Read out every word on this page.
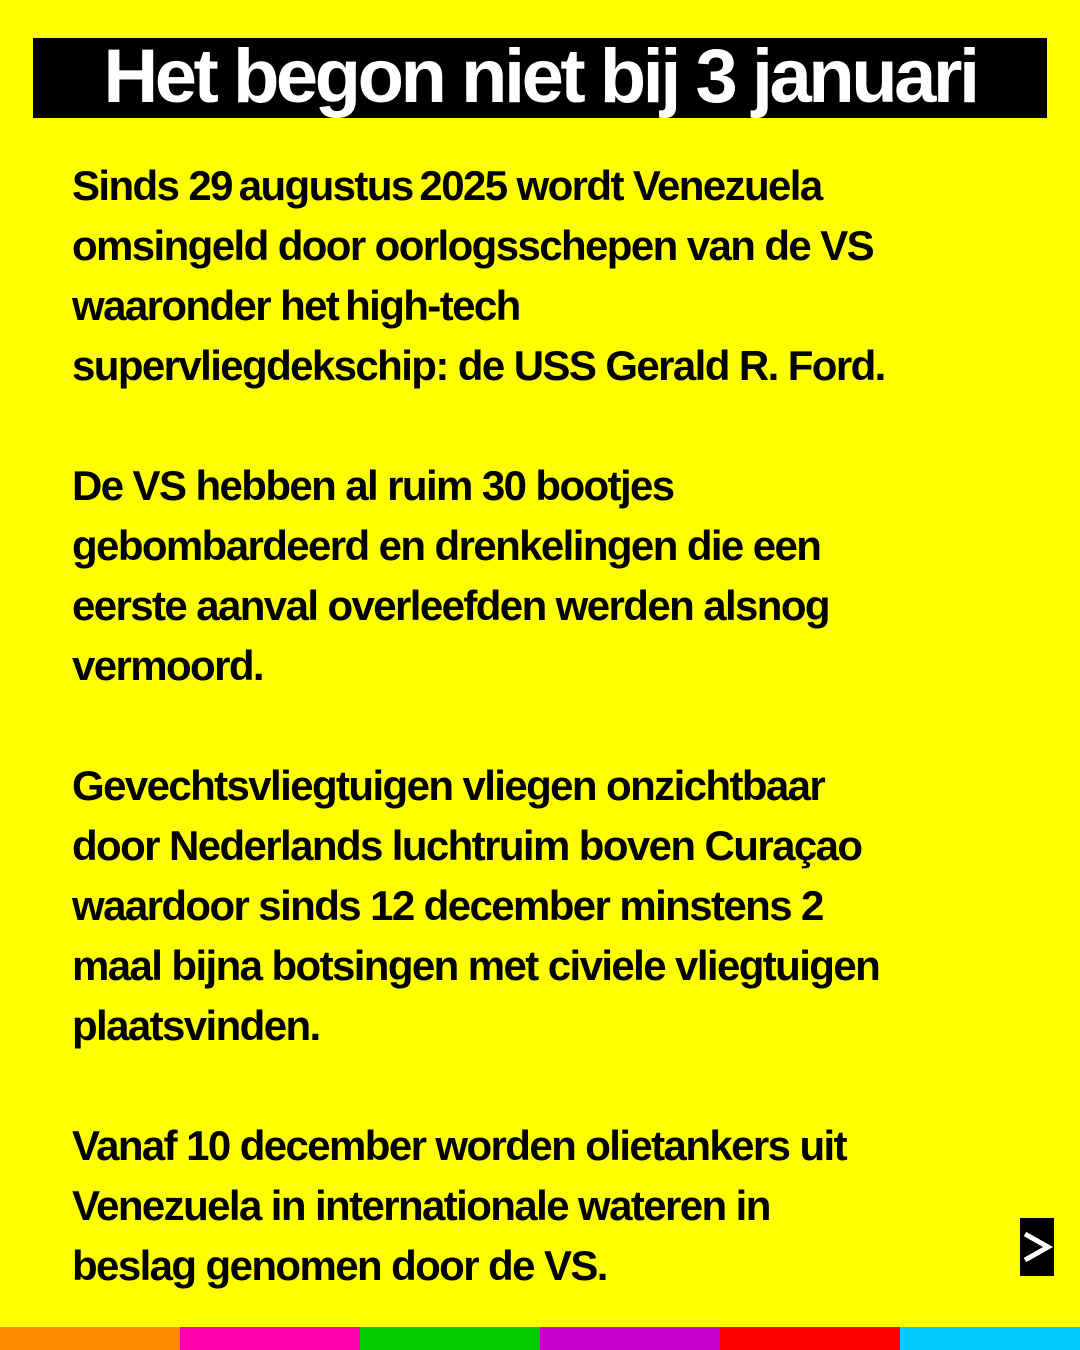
Het begon niet bij 3 januari

Sinds 29 augustus 2025 wordt Venezuela
omsingeld door oorlogsschepen van de VS
waaronder het high-tech
supervliegdekschip: de USS Gerald R. Ford.

De VS hebben al ruim 30 bootjes
gebombardeerd en drenkelingen die een
eerste aanval overleefden werden alsnog
vermoord.

Gevechtsvliegtuigen vliegen onzichtbaar
door Nederlands luchtruim boven Curaçao
waardoor sinds 12 december minstens 2
maal bijna botsingen met civiele vliegtuigen
plaatsvinden.

Vanaf 10 december worden olietankers uit
Venezuela in internationale wateren in
beslag genomen door de VS.
